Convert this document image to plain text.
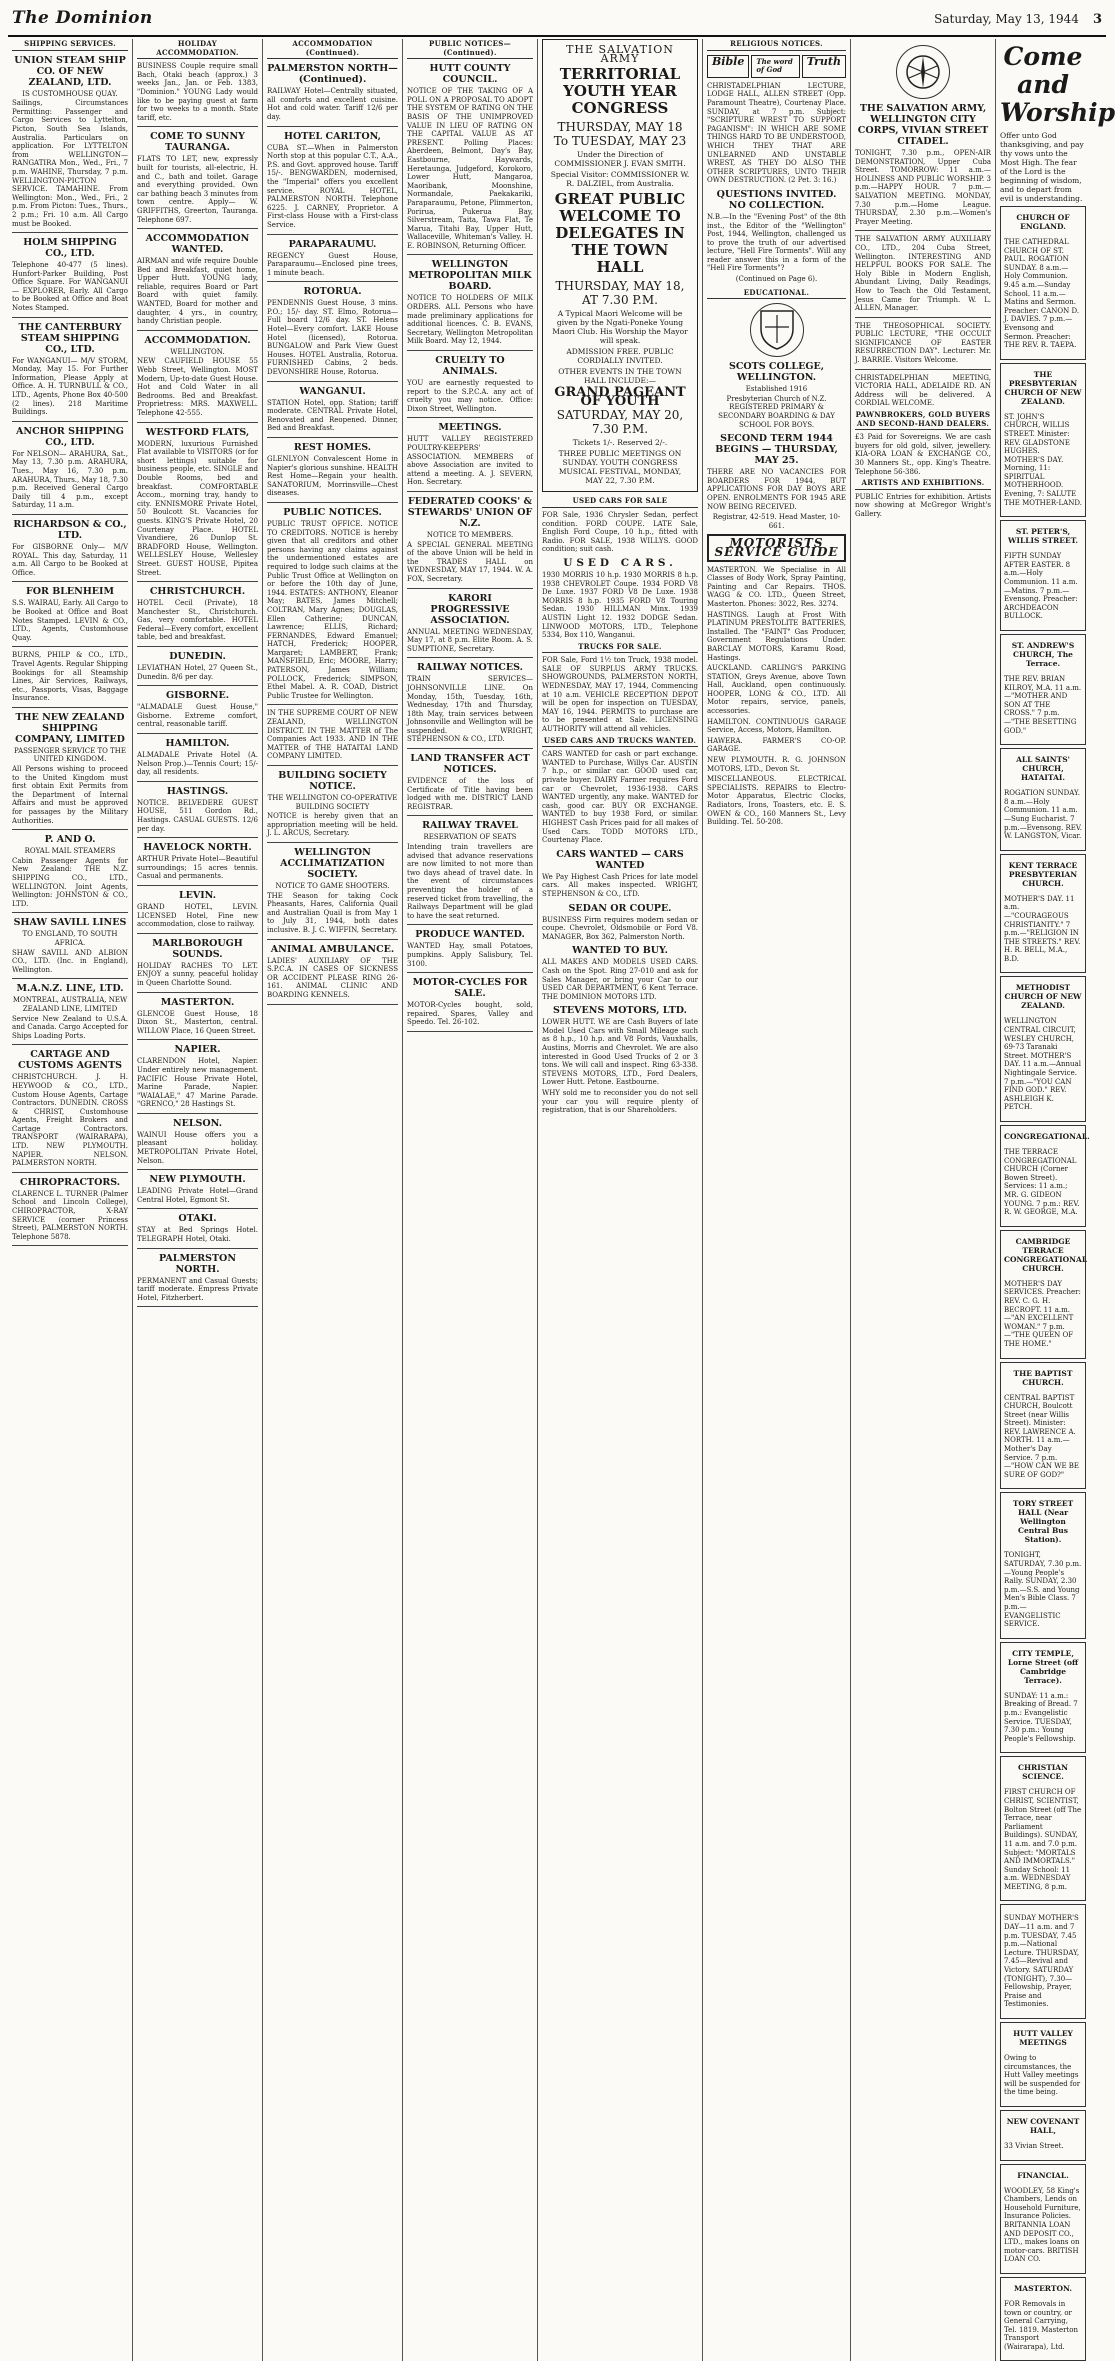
The Dominion	Saturday, May 13, 1944 3
SHIPPING SERVICES.
UNION STEAM SHIP CO. OF NEW ZEALAND, LTD.
IS CUSTOMHOUSE QUAY.

Sailings, Circumstances Permitting: Passenger and Cargo Services to Lyttelton, Picton, South Sea Islands, Australia. Particulars on application. For LYTTELTON from WELLINGTON— RANGATIRA Mon., Wed., Fri., 7 p.m. WAHINE, Thursday, 7 p.m. WELLINGTON-PICTON SERVICE. TAMAHINE. From Wellington: Mon., Wed., Fri., 2 p.m. From Picton: Tues., Thurs., 2 p.m.; Fri. 10 a.m. All Cargo must be Booked.

HOLM SHIPPING CO., LTD.

Telephone 40-477 (5 lines). Hunfort-Parker Building, Post Office Square. For WANGANUI— EXPLORER, Early. All Cargo to be Booked at Office and Boat Notes Stamped.

THE CANTERBURY STEAM SHIPPING CO., LTD.

For WANGANUI— M/V STORM, Monday, May 15. For Further Information, Please Apply at Office. A. H. TURNBULL & CO., LTD., Agents, Phone Box 40-500 (2 lines). 218 Maritime Buildings.

ANCHOR SHIPPING CO., LTD.

For NELSON— ARAHURA, Sat., May 13, 7.30 p.m. ARAHURA, Tues., May 16, 7.30 p.m. ARAHURA, Thurs., May 18, 7.30 p.m. Received General Cargo Daily till 4 p.m., except Saturday, 11 a.m.

RICHARDSON & CO., LTD.

For GISBORNE Only— M/V ROYAL. This day, Saturday, 11 a.m. All Cargo to be Booked at Office.

FOR BLENHEIM

S.S. WAIRAU, Early. All Cargo to be Booked at Office and Boat Notes Stamped. LEVIN & CO., LTD., Agents, Customhouse Quay.

BURNS, PHILP & CO., LTD., Travel Agents. Regular Shipping Bookings for all Steamship Lines, Air Services, Railways, etc., Passports, Visas, Baggage Insurance.

THE NEW ZEALAND SHIPPING COMPANY, LIMITED
PASSENGER SERVICE TO THE UNITED KINGDOM.

All Persons wishing to proceed to the United Kingdom must first obtain Exit Permits from the Department of Internal Affairs and must be approved for passages by the Military Authorities.

P. AND O.
ROYAL MAIL STEAMERS

Cabin Passenger Agents for New Zealand: THE N.Z. SHIPPING CO., LTD., WELLINGTON. Joint Agents, Wellington: JOHNSTON & CO., LTD.

SHAW SAVILL LINES
TO ENGLAND, TO SOUTH AFRICA.

SHAW SAVILL AND ALBION CO., LTD. (Inc. in England), Wellington.

M.A.N.Z. LINE, LTD.
MONTREAL, AUSTRALIA, NEW ZEALAND LINE, LIMITED

Service New Zealand to U.S.A. and Canada. Cargo Accepted for Ships Loading Ports.

CARTAGE AND CUSTOMS AGENTS

CHRISTCHURCH. J. H. HEYWOOD & CO., LTD., Custom House Agents, Cartage Contractors. DUNEDIN. CROSS & CHRIST, Customhouse Agents, Freight Brokers and Cartage Contractors. TRANSPORT (WAIRARAPA), LTD. NEW PLYMOUTH. NAPIER. NELSON. PALMERSTON NORTH.

CHIROPRACTORS.

CLARENCE L. TURNER (Palmer School and Lincoln College), CHIROPRACTOR, X-RAY SERVICE (corner Princess Street), PALMERSTON NORTH. Telephone 5878.

HOLIDAY ACCOMMODATION.

BUSINESS Couple require small Bach, Otaki beach (approx.) 3 weeks Jan., Jan. or Feb. 1383, "Dominion." YOUNG Lady would like to be paying guest at farm for two weeks to a month. State tariff, etc.

COME TO SUNNY TAURANGA.

FLATS TO LET, new, expressly built for tourists, all-electric, H. and C., bath and toilet. Garage and everything provided. Own car bathing beach 3 minutes from town centre. Apply— W. GRIFFITHS, Greerton, Tauranga. Telephone 697.

ACCOMMODATION WANTED.

AIRMAN and wife require Double Bed and Breakfast, quiet home, Upper Hutt. YOUNG lady, reliable, requires Board or Part Board with quiet family. WANTED, Board for mother and daughter, 4 yrs., in country, handy Christian people.

ACCOMMODATION.
WELLINGTON.

NEW CAUFIELD HOUSE 55 Webb Street, Wellington. MOST Modern, Up-to-date Guest House. Hot and Cold Water in all Bedrooms. Bed and Breakfast. Proprietress: MRS. MAXWELL. Telephone 42-555.

WESTFORD FLATS,

MODERN, luxurious Furnished Flat available to VISITORS (or for short lettings) suitable for business people, etc. SINGLE and Double Rooms, bed and breakfast. COMFORTABLE Accom., morning tray, handy to city. ENNISMORE Private Hotel, 50 Boulcott St. Vacancies for guests. KING'S Private Hotel, 20 Courtenay Place. HOTEL Vivandiere, 26 Dunlop St. BRADFORD House, Wellington. WELLESLEY House, Wellesley Street. GUEST HOUSE, Pipitea Street.

CHRISTCHURCH.

HOTEL Cecil (Private), 18 Manchester St., Christchurch. Gas, very comfortable. HOTEL Federal—Every comfort, excellent table, bed and breakfast.

DUNEDIN.

LEVIATHAN Hotel, 27 Queen St., Dunedin. 8/6 per day.

GISBORNE.

"ALMADALE Guest House," Gisborne. Extreme comfort, central, reasonable tariff.

HAMILTON.

ALMADALE Private Hotel (A. Nelson Prop.)—Tennis Court; 15/- day, all residents.

HASTINGS.

NOTICE. BELVEDERE GUEST HOUSE, 511 Gordon Rd., Hastings. CASUAL GUESTS. 12/6 per day.

HAVELOCK NORTH.

ARTHUR Private Hotel—Beautiful surroundings; 15 acres tennis. Casual and permanents.

LEVIN.

GRAND HOTEL, LEVIN. LICENSED Hotel, Fine new accommodation, close to railway.

MARLBOROUGH SOUNDS.

HOLIDAY RACHES TO LET. ENJOY a sunny, peaceful holiday in Queen Charlotte Sound.

MASTERTON.

GLENCOE Guest House, 18 Dixon St., Masterton, central. WILLOW Place, 16 Queen Street.

NAPIER.

CLARENDON Hotel, Napier. Under entirely new management. PACIFIC House Private Hotel, Marine Parade, Napier. "WAIALAE," 47 Marine Parade. "GRENCO," 28 Hastings St.

NELSON.

WAINUI House offers you a pleasant holiday. METROPOLITAN Private Hotel, Nelson.

NEW PLYMOUTH.

LEADING Private Hotel—Grand Central Hotel, Egmont St.

OTAKI.

STAY at Bed Springs Hotel. TELEGRAPH Hotel, Otaki.

PALMERSTON NORTH.

PERMANENT and Casual Guests; tariff moderate. Empress Private Hotel, Fitzherbert.

ACCOMMODATION (Continued).
PALMERSTON NORTH—(Continued).

RAILWAY Hotel—Centrally situated, all comforts and excellent cuisine. Hot and cold water. Tariff 12/6 per day.

HOTEL CARLTON,

CUBA ST.—When in Palmerston North stop at this popular C.T., A.A., P.S. and Govt. approved house. Tariff 15/-. BENGWARDEN, modernised, the "Imperial" offers you excellent service. ROYAL HOTEL, PALMERSTON NORTH. Telephone 6225. J. CARNEY, Proprietor. A First-class House with a First-class Service.

PARAPARAUMU.

REGENCY Guest House, Paraparaumu—Enclosed pine trees, 1 minute beach.

ROTORUA.

PENDENNIS Guest House, 3 mins. P.O.; 15/- day. ST. Elmo, Rotorua—Full board 12/6 day. ST. Helens Hotel—Every comfort. LAKE House Hotel (licensed), Rotorua. BUNGALOW and Park View Guest Houses. HOTEL Australia, Rotorua. FURNISHED Cabins, 2 beds. DEVONSHIRE House, Rotorua.

WANGANUI.

STATION Hotel, opp. Station; tariff moderate. CENTRAL Private Hotel, Renovated and Reopened. Dinner, Bed and Breakfast.

REST HOMES.

GLENLYON Convalescent Home in Napier's glorious sunshine. HEALTH Rest Home—Regain your health. SANATORIUM, Morrinsville—Chest diseases.

PUBLIC NOTICES.

PUBLIC TRUST OFFICE. NOTICE TO CREDITORS. NOTICE is hereby given that all creditors and other persons having any claims against the undermentioned estates are required to lodge such claims at the Public Trust Office at Wellington on or before the 10th day of June, 1944. ESTATES: ANTHONY, Eleanor May; BATES, James Mitchell; COLTRAN, Mary Agnes; DOUGLAS, Ellen Catherine; DUNCAN, Lawrence; ELLIS, Richard; FERNANDES, Edward Emanuel; HATCH, Frederick; HOOPER, Margaret; LAMBERT, Frank; MANSFIELD, Eric; MOORE, Harry; PATERSON, James William; POLLOCK, Frederick; SIMPSON, Ethel Mabel. A. R. COAD, District Public Trustee for Wellington.

IN THE SUPREME COURT OF NEW ZEALAND, WELLINGTON DISTRICT. IN THE MATTER of The Companies Act 1933. AND IN THE MATTER of THE HATAITAI LAND COMPANY LIMITED.

BUILDING SOCIETY NOTICE.
THE WELLINGTON CO-OPERATIVE BUILDING SOCIETY

NOTICE is hereby given that an appropriation meeting will be held. J. L. ARCUS, Secretary.

WELLINGTON ACCLIMATIZATION SOCIETY.
NOTICE TO GAME SHOOTERS.

THE Season for taking Cock Pheasants, Hares, California Quail and Australian Quail is from May 1 to July 31, 1944, both dates inclusive. B. J. C. WIFFIN, Secretary.

ANIMAL AMBULANCE.

LADIES' AUXILIARY OF THE S.P.C.A. IN CASES OF SICKNESS OR ACCIDENT PLEASE RING 26-161. ANIMAL CLINIC AND BOARDING KENNELS.

PUBLIC NOTICES—(Continued).
HUTT COUNTY COUNCIL.

NOTICE OF THE TAKING OF A POLL ON A PROPOSAL TO ADOPT THE SYSTEM OF RATING ON THE BASIS OF THE UNIMPROVED VALUE IN LIEU OF RATING ON THE CAPITAL VALUE AS AT PRESENT. Polling Places: Aberdeen, Belmont, Day's Bay, Eastbourne, Haywards, Heretaunga, Judgeford, Korokoro, Lower Hutt, Mangaroa, Maoribank, Moonshine, Normandale, Paekakariki, Paraparaumu, Petone, Plimmerton, Porirua, Pukerua Bay, Silverstream, Taita, Tawa Flat, Te Marua, Titahi Bay, Upper Hutt, Wallaceville, Whiteman's Valley. H. E. ROBINSON, Returning Officer.

WELLINGTON METROPOLITAN MILK BOARD.

NOTICE TO HOLDERS OF MILK ORDERS. ALL Persons who have made preliminary applications for additional licences. C. B. EVANS, Secretary, Wellington Metropolitan Milk Board. May 12, 1944.

CRUELTY TO ANIMALS.

YOU are earnestly requested to report to the S.P.C.A. any act of cruelty you may notice. Office: Dixon Street, Wellington.

MEETINGS.

HUTT VALLEY REGISTERED POULTRY-KEEPERS' ASSOCIATION. MEMBERS of above Association are invited to attend a meeting. A. J. SEVERN, Hon. Secretary.

FEDERATED COOKS' & STEWARDS' UNION OF N.Z.
NOTICE TO MEMBERS.

A SPECIAL GENERAL MEETING of the above Union will be held in the TRADES HALL on WEDNESDAY, MAY 17, 1944. W. A. FOX, Secretary.

KARORI PROGRESSIVE ASSOCIATION.

ANNUAL MEETING WEDNESDAY, May 17, at 8 p.m. Elite Room. A. S. SUMPTIONE, Secretary.

RAILWAY NOTICES.

TRAIN SERVICES—JOHNSONVILLE LINE. On Monday, 15th, Tuesday, 16th, Wednesday, 17th and Thursday, 18th May, train services between Johnsonville and Wellington will be suspended. WRIGHT, STEPHENSON & CO., LTD.

LAND TRANSFER ACT NOTICES.

EVIDENCE of the loss of Certificate of Title having been lodged with me. DISTRICT LAND REGISTRAR.

RAILWAY TRAVEL
RESERVATION OF SEATS

Intending train travellers are advised that advance reservations are now limited to not more than two days ahead of travel date. In the event of circumstances preventing the holder of a reserved ticket from travelling, the Railways Department will be glad to have the seat returned.

PRODUCE WANTED.

WANTED Hay, small Potatoes, pumpkins. Apply Salisbury, Tel. 3100.

MOTOR-CYCLES FOR SALE.

MOTOR-Cycles bought, sold, repaired. Spares, Valley and Speedo. Tel. 26-102.

THE SALVATION ARMY
TERRITORIAL YOUTH YEAR CONGRESS
THURSDAY, MAY 18 To TUESDAY, MAY 23
Under the Direction of COMMISSIONER J. EVAN SMITH.
Special Visitor: COMMISSIONER W. R. DALZIEL, from Australia.
GREAT PUBLIC WELCOME TO DELEGATES IN THE TOWN HALL
THURSDAY, MAY 18, AT 7.30 P.M.
A Typical Maori Welcome will be given by the Ngati-Poneke Young Maori Club. His Worship the Mayor will speak.
ADMISSION FREE. PUBLIC CORDIALLY INVITED.
OTHER EVENTS IN THE TOWN HALL INCLUDE:—
GRAND PAGEANT OF YOUTH
SATURDAY, MAY 20, 7.30 P.M.
Tickets 1/-. Reserved 2/-.
THREE PUBLIC MEETINGS ON SUNDAY. YOUTH CONGRESS MUSICAL FESTIVAL, MONDAY, MAY 22, 7.30 P.M.
USED CARS FOR SALE

FOR Sale, 1936 Chrysler Sedan, perfect condition. FORD COUPE. LATE Sale, English Ford Coupe, 10 h.p., fitted with Radio. FOR SALE, 1938 WILLYS. GOOD condition; suit cash.

USED CARS.

1930 MORRIS 10 h.p. 1930 MORRIS 8 h.p. 1938 CHEVROLET Coupe. 1934 FORD V8 De Luxe. 1937 FORD V8 De Luxe. 1938 MORRIS 8 h.p. 1935 FORD V8 Touring Sedan. 1930 HILLMAN Minx. 1939 AUSTIN Light 12. 1932 DODGE Sedan. LINWOOD MOTORS, LTD., Telephone 5334, Box 110, Wanganui.

TRUCKS FOR SALE.

FOR Sale, Ford 1½ ton Truck, 1938 model. SALE OF SURPLUS ARMY TRUCKS. SHOWGROUNDS, PALMERSTON NORTH, WEDNESDAY, MAY 17, 1944, Commencing at 10 a.m. VEHICLE RECEPTION DEPOT will be open for inspection on TUESDAY, MAY 16, 1944. PERMITS to purchase are to be presented at Sale. LICENSING AUTHORITY will attend all vehicles.

USED CARS AND TRUCKS WANTED.

CARS WANTED for cash or part exchange. WANTED to Purchase, Willys Car. AUSTIN 7 h.p., or similar car. GOOD used car, private buyer. DAIRY Farmer requires Ford car or Chevrolet, 1936-1938. CARS WANTED urgently, any make. WANTED for cash, good car. BUY OR EXCHANGE. WANTED to buy 1938 Ford, or similar. HIGHEST Cash Prices paid for all makes of Used Cars. TODD MOTORS LTD., Courtenay Place.

CARS WANTED — CARS WANTED

We Pay Highest Cash Prices for late model cars. All makes inspected. WRIGHT, STEPHENSON & CO., LTD.

SEDAN OR COUPE.

BUSINESS Firm requires modern sedan or coupe. Chevrolet, Oldsmobile or Ford V8. MANAGER, Box 362, Palmerston North.

WANTED TO BUY.

ALL MAKES AND MODELS USED CARS. Cash on the Spot. Ring 27-010 and ask for Sales Manager, or bring your Car to our USED CAR DEPARTMENT, 6 Kent Terrace. THE DOMINION MOTORS LTD.

STEVENS MOTORS, LTD.

LOWER HUTT. WE are Cash Buyers of late Model Used Cars with Small Mileage such as 8 h.p., 10 h.p. and V8 Fords, Vauxhalls, Austins, Morris and Chevrolet. We are also interested in Good Used Trucks of 2 or 3 tons. We will call and inspect. Ring 63-338. STEVENS MOTORS, LTD., Ford Dealers, Lower Hutt. Petone. Eastbourne.

WHY sold me to reconsider you do not sell your car you will require plenty of registration, that is our Shareholders.

RELIGIOUS NOTICES.
Bible	The word of God
Truth

CHRISTADELPHIAN LECTURE, LODGE HALL, ALLEN STREET (Opp. Paramount Theatre), Courtenay Place. SUNDAY, at 7 p.m. Subject: "SCRIPTURE WREST TO SUPPORT PAGANISM": IN WHICH ARE SOME THINGS HARD TO BE UNDERSTOOD, WHICH THEY THAT ARE UNLEARNED AND UNSTABLE WREST, AS THEY DO ALSO THE OTHER SCRIPTURES, UNTO THEIR OWN DESTRUCTION. (2 Pet. 3: 16.)

QUESTIONS INVITED. NO COLLECTION.

N.B.—In the "Evening Post" of the 8th inst., the Editor of the "Wellington" Post, 1944, Wellington, challenged us to prove the truth of our advertised lecture, "Hell Fire Torments". Will any reader answer this in a form of the "Hell Fire Torments"?

(Continued on Page 6).
EDUCATIONAL.
SCOTS COLLEGE, WELLINGTON.
Established 1916
Presbyterian Church of N.Z. REGISTERED PRIMARY & SECONDARY BOARDING & DAY SCHOOL FOR BOYS.
SECOND TERM 1944 BEGINS — THURSDAY, MAY 25.

THERE ARE NO VACANCIES FOR BOARDERS FOR 1944, BUT APPLICATIONS FOR DAY BOYS ARE OPEN. ENROLMENTS FOR 1945 ARE NOW BEING RECEIVED.

Registrar, 42-519. Head Master, 10-661.
MOTORISTS SERVICE GUIDE

MASTERTON. We Specialise in All Classes of Body Work, Spray Painting, Painting and Car Repairs. THOS. WAGG & CO. LTD., Queen Street, Masterton. Phones: 3022, Res. 3274.

HASTINGS. Laugh at Frost With PLATINUM PRESTOLITE BATTERIES, Installed. The "FAINT" Gas Producer, Government Regulations Under. BARCLAY MOTORS, Karamu Road, Hastings.

AUCKLAND. CARLING'S PARKING STATION, Greys Avenue, above Town Hall, Auckland, open continuously. HOOPER, LONG & CO., LTD. All Motor repairs, service, panels, accessories.

HAMILTON. CONTINUOUS GARAGE Service, Access, Motors, Hamilton.

HAWERA. FARMER'S CO-OP. GARAGE.

NEW PLYMOUTH. R. G. JOHNSON MOTORS, LTD., Devon St.

MISCELLANEOUS. ELECTRICAL SPECIALISTS. REPAIRS to Electro-Motor Apparatus, Electric Clocks, Radiators, Irons, Toasters, etc. E. S. OWEN & CO., 160 Manners St., Levy Building. Tel. 50-208.

THE SALVATION ARMY, WELLINGTON CITY CORPS, VIVIAN STREET CITADEL.

TONIGHT, 7.30 p.m., OPEN-AIR DEMONSTRATION, Upper Cuba Street. TOMORROW: 11 a.m.—HOLINESS AND PUBLIC WORSHIP. 3 p.m.—HAPPY HOUR. 7 p.m.—SALVATION MEETING. MONDAY, 7.30 p.m.—Home League. THURSDAY, 2.30 p.m.—Women's Prayer Meeting.

THE SALVATION ARMY AUXILIARY CO., LTD., 204 Cuba Street, Wellington. INTERESTING AND HELPFUL BOOKS FOR SALE. The Holy Bible in Modern English, Abundant Living, Daily Readings, How to Teach the Old Testament, Jesus Came for Triumph. W. L. ALLEN, Manager.

THE THEOSOPHICAL SOCIETY. PUBLIC LECTURE, "THE OCCULT SIGNIFICANCE OF EASTER RESURRECTION DAY". Lecturer: Mr. J. BARRIE. Visitors Welcome.

CHRISTADELPHIAN MEETING, VICTORIA HALL, ADELAIDE RD. AN Address will be delivered. A CORDIAL WELCOME.

PAWNBROKERS, GOLD BUYERS AND SECOND-HAND DEALERS.

£3 Paid for Sovereigns. We are cash buyers for old gold, silver, jewellery. KIA-ORA LOAN & EXCHANGE CO., 30 Manners St., opp. King's Theatre. Telephone 56-386.

ARTISTS AND EXHIBITIONS.

PUBLIC Entries for exhibition. Artists now showing at McGregor Wright's Gallery.

Come and Worship
Offer unto God thanksgiving, and pay thy vows unto the Most High. The fear of the Lord is the beginning of wisdom, and to depart from evil is understanding.
CHURCH OF ENGLAND.

THE CATHEDRAL CHURCH OF ST. PAUL. ROGATION SUNDAY. 8 a.m.—Holy Communion. 9.45 a.m.—Sunday School. 11 a.m.—Matins and Sermon. Preacher: CANON D. J. DAVIES. 7 p.m.—Evensong and Sermon. Preacher: THE REV. R. TAEPA.

THE PRESBYTERIAN CHURCH OF NEW ZEALAND.

ST. JOHN'S CHURCH, WILLIS STREET. Minister: REV. GLADSTONE HUGHES. MOTHER'S DAY. Morning, 11: SPIRITUAL MOTHERHOOD. Evening, 7: SALUTE THE MOTHER-LAND.

ST. PETER'S, WILLIS STREET.

FIFTH SUNDAY AFTER EASTER. 8 a.m.—Holy Communion. 11 a.m.—Matins. 7 p.m.—Evensong. Preacher: ARCHDEACON BULLOCK.

ST. ANDREW'S CHURCH, The Terrace.

THE REV. BRIAN KILROY, M.A. 11 a.m.—"MOTHER AND SON AT THE CROSS." 7 p.m.—"THE BESETTING GOD."

ALL SAINTS' CHURCH, HATAITAI.

ROGATION SUNDAY. 8 a.m.—Holy Communion. 11 a.m.—Sung Eucharist. 7 p.m.—Evensong. REV. W. LANGSTON, Vicar.

KENT TERRACE PRESBYTERIAN CHURCH.

MOTHER'S DAY. 11 a.m.—"COURAGEOUS CHRISTIANITY." 7 p.m.—"RELIGION IN THE STREETS." REV. H. R. BELL, M.A., B.D.

METHODIST CHURCH OF NEW ZEALAND.

WELLINGTON CENTRAL CIRCUIT, WESLEY CHURCH, 69-73 Taranaki Street. MOTHER'S DAY. 11 a.m.—Annual Nightingale Service. 7 p.m.—"YOU CAN FIND GOD." REV. ASHLEIGH K. PETCH.

CONGREGATIONAL.

THE TERRACE CONGREGATIONAL CHURCH (Corner Bowen Street). Services: 11 a.m.; MR. G. GIDEON YOUNG. 7 p.m.: REV. R. W. GEORGE, M.A.

CAMBRIDGE TERRACE CONGREGATIONAL CHURCH.

MOTHER'S DAY SERVICES. Preacher: REV. C. G. H. BECROFT. 11 a.m.—"AN EXCELLENT WOMAN." 7 p.m.—"THE QUEEN OF THE HOME."

THE BAPTIST CHURCH.

CENTRAL BAPTIST CHURCH, Boulcott Street (near Willis Street). Minister: REV. LAWRENCE A. NORTH. 11 a.m.—Mother's Day Service. 7 p.m.—"HOW CAN WE BE SURE OF GOD?"

TORY STREET HALL (Near Wellington Central Bus Station).

TONIGHT, SATURDAY, 7.30 p.m.—Young People's Rally. SUNDAY, 2.30 p.m.—S.S. and Young Men's Bible Class. 7 p.m.—EVANGELISTIC SERVICE.

CITY TEMPLE, Lorne Street (off Cambridge Terrace).

SUNDAY: 11 a.m.: Breaking of Bread. 7 p.m.: Evangelistic Service. TUESDAY, 7.30 p.m.: Young People's Fellowship.

CHRISTIAN SCIENCE.

FIRST CHURCH OF CHRIST, SCIENTIST, Bolton Street (off The Terrace, near Parliament Buildings). SUNDAY, 11 a.m. and 7.0 p.m. Subject: "MORTALS AND IMMORTALS." Sunday School: 11 a.m. WEDNESDAY MEETING, 8 p.m.

SUNDAY MOTHER'S DAY—11 a.m. and 7 p.m. TUESDAY, 7.45 p.m.—National Lecture. THURSDAY, 7.45—Revival and Victory. SATURDAY (TONIGHT), 7.30—Fellowship, Prayer, Praise and Testimonies.

HUTT VALLEY MEETINGS

Owing to circumstances, the Hutt Valley meetings will be suspended for the time being.

NEW COVENANT HALL,

33 Vivian Street.

FINANCIAL.

WOODLEY, 58 King's Chambers, Lends on Household Furniture, Insurance Policies. BRITANNIA LOAN AND DEPOSIT CO., LTD., makes loans on motor-cars. BRITISH LOAN CO.

MASTERTON.

FOR Removals in town or country, or General Carrying, Tel. 1819. Masterton Transport (Wairarapa), Ltd.
